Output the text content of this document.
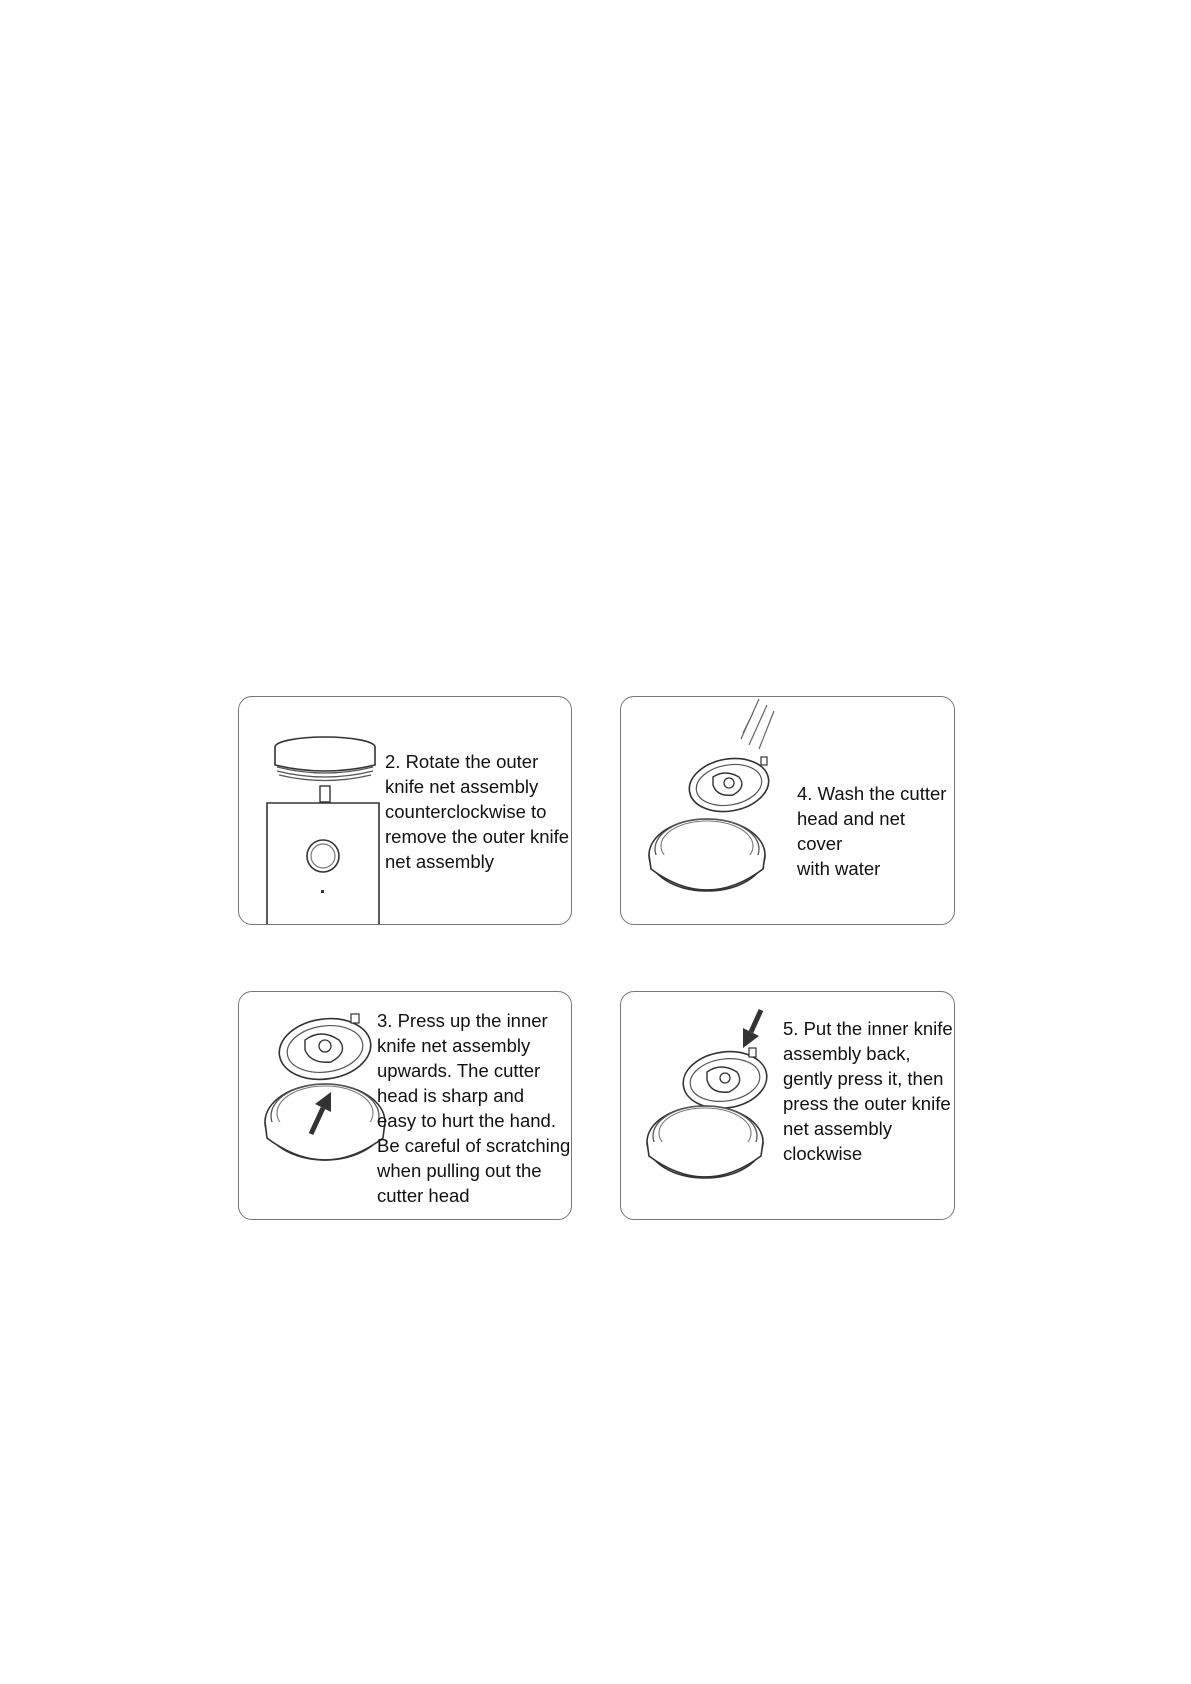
2. Rotate the outer
knife net assembly
counterclockwise to
remove the outer knife
net assembly
4. Wash the cutter
head and net cover
with water
3. Press up the inner
knife net assembly
upwards. The cutter
head is sharp and
easy to hurt the hand.
Be careful of scratching
when pulling out the
cutter head
5. Put the inner knife
assembly back,
gently press it, then
press the outer knife
net assembly
clockwise
